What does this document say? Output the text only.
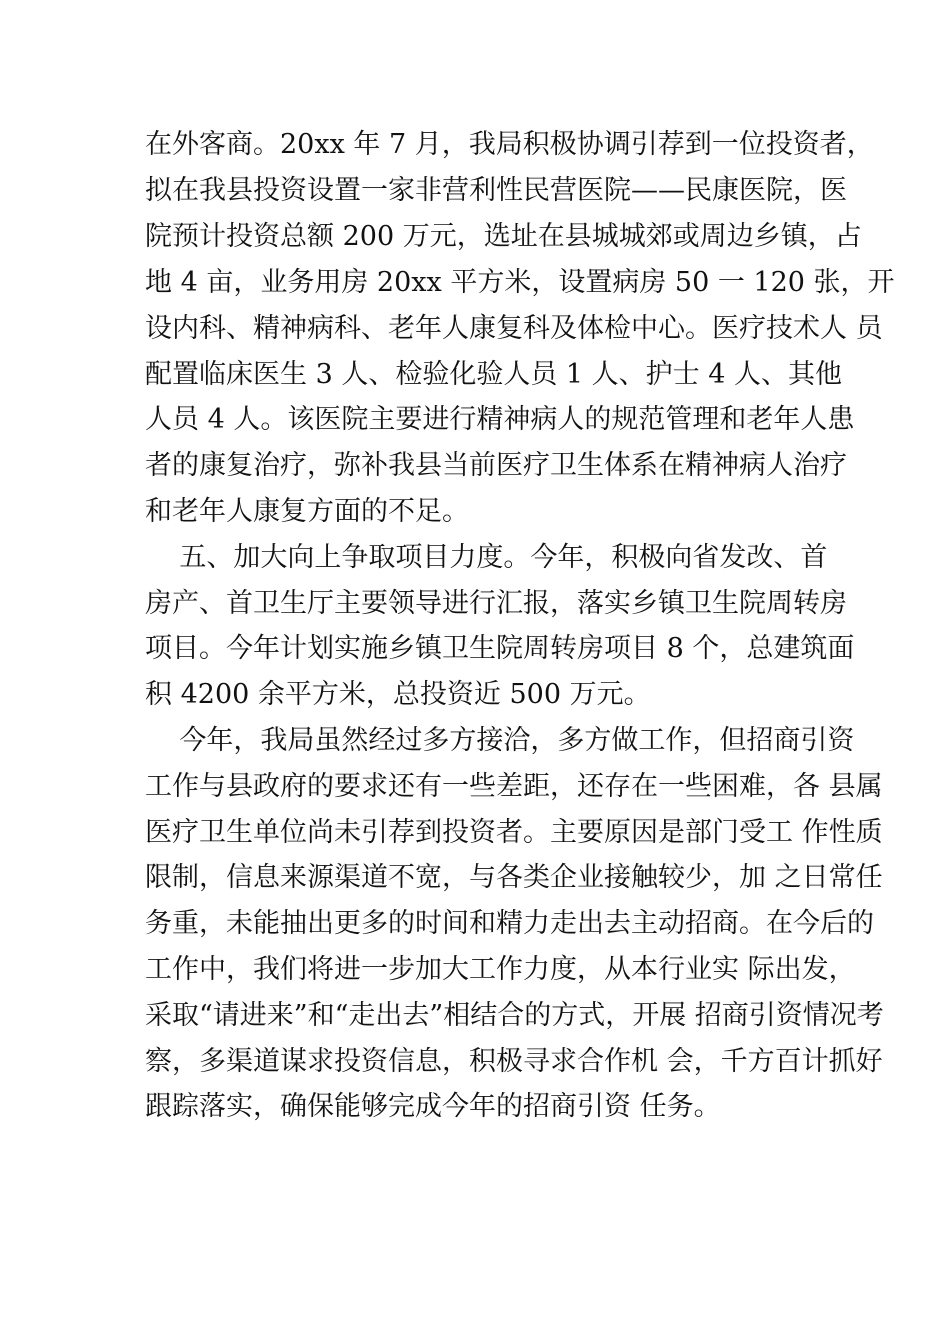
在外客商。20xx 年 7 月，我局积极协调引荐到一位投资者，
拟在我县投资设置一家非营利性民营医院——民康医院，医
院预计投资总额 200 万元，选址在县城城郊或周边乡镇，占
地 4 亩，业务用房 20xx 平方米，设置病房 50 一 120 张，开
设内科、精神病科、老年人康复科及体检中心。医疗技术人 员
配置临床医生 3 人、检验化验人员 1 人、护士 4 人、其他
人员 4 人。该医院主要进行精神病人的规范管理和老年人患
者的康复治疗，弥补我县当前医疗卫生体系在精神病人治疗
和老年人康复方面的不足。
五、加大向上争取项目力度。今年，积极向省发改、首
房产、首卫生厅主要领导进行汇报，落实乡镇卫生院周转房
项目。今年计划实施乡镇卫生院周转房项目 8 个，总建筑面
积 4200 余平方米，总投资近 500 万元。
今年，我局虽然经过多方接洽，多方做工作，但招商引资
工作与县政府的要求还有一些差距，还存在一些困难，各 县属
医疗卫生单位尚未引荐到投资者。主要原因是部门受工 作性质
限制，信息来源渠道不宽，与各类企业接触较少，加 之日常任
务重，未能抽出更多的时间和精力走出去主动招商。在今后的
工作中，我们将进一步加大工作力度，从本行业实 际出发，
采取“请进来”和“走出去”相结合的方式，开展 招商引资情况考
察，多渠道谋求投资信息，积极寻求合作机 会，千方百计抓好
跟踪落实，确保能够完成今年的招商引资 任务。
